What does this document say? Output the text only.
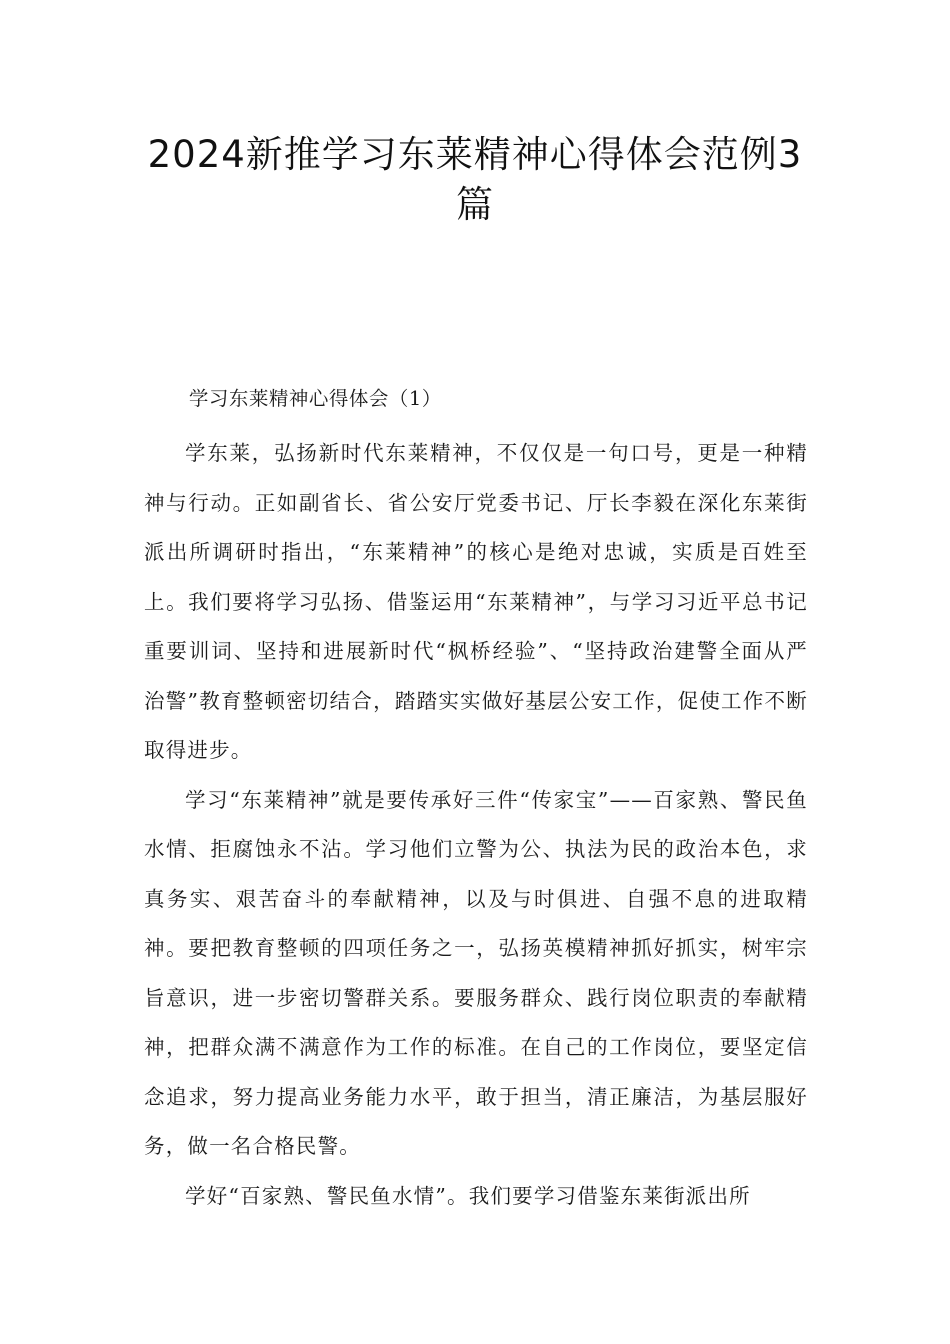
2024新推学习东莱精神心得体会范例3篇

学习东莱精神心得体会（1）

学东莱，弘扬新时代东莱精神，不仅仅是一句口号，更是一种精神与行动。正如副省长、省公安厅党委书记、厅长李毅在深化东莱街派出所调研时指出，“东莱精神”的核心是绝对忠诚，实质是百姓至上。我们要将学习弘扬、借鉴运用“东莱精神”，与学习习近平总书记重要训词、坚持和进展新时代“枫桥经验”、“坚持政治建警全面从严治警”教育整顿密切结合，踏踏实实做好基层公安工作，促使工作不断取得进步。

学习“东莱精神”就是要传承好三件“传家宝”——百家熟、警民鱼水情、拒腐蚀永不沾。学习他们立警为公、执法为民的政治本色，求真务实、艰苦奋斗的奉献精神，以及与时俱进、自强不息的进取精神。要把教育整顿的四项任务之一，弘扬英模精神抓好抓实，树牢宗旨意识，进一步密切警群关系。要服务群众、践行岗位职责的奉献精神，把群众满不满意作为工作的标准。在自己的工作岗位，要坚定信念追求，努力提高业务能力水平，敢于担当，清正廉洁，为基层服好务，做一名合格民警。

学好“百家熟、警民鱼水情”。我们要学习借鉴东莱街派出所
